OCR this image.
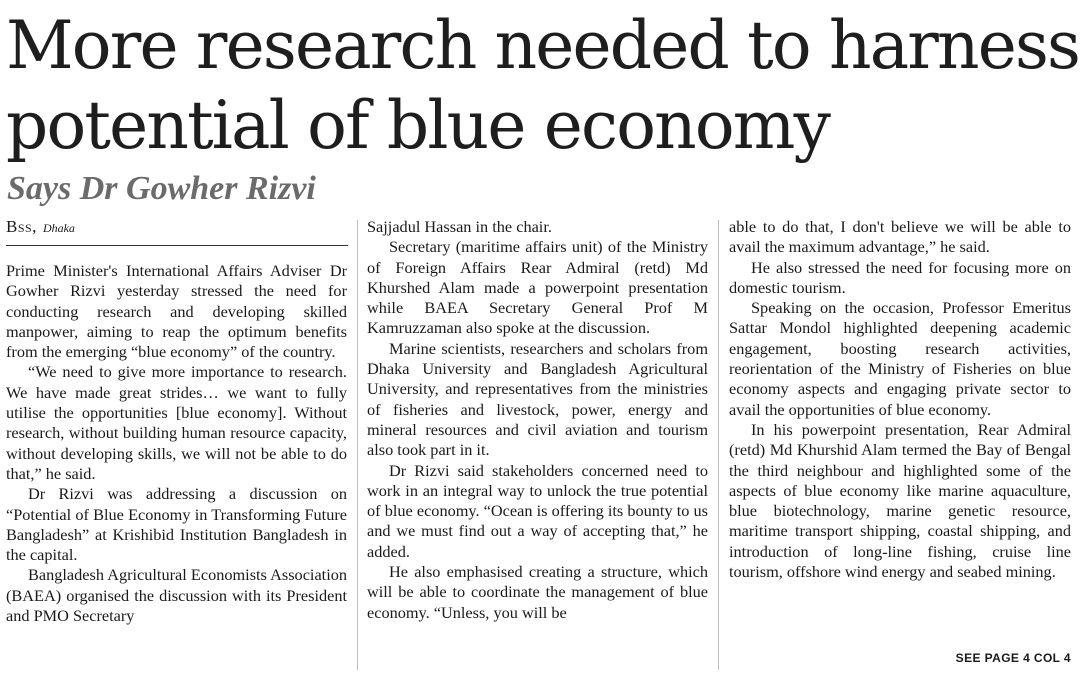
More research needed to harness
potential of blue economy
Says Dr Gowher Rizvi
Bss, Dhaka

Prime Minister's International Affairs Adviser Dr Gowher Rizvi yesterday stressed the need for conducting research and developing skilled manpower, aiming to reap the optimum benefits from the emerging “blue economy” of the country.

“We need to give more importance to research. We have made great strides… we want to fully utilise the opportunities [blue economy]. Without research, without building human resource capacity, without developing skills, we will not be able to do that,” he said.

Dr Rizvi was addressing a discussion on “Potential of Blue Economy in Transforming Future Bangladesh” at Krishibid Institution Bangladesh in the capital.

Bangladesh Agricultural Economists Association (BAEA) organised the discussion with its President and PMO Secretary

Sajjadul Hassan in the chair.

Secretary (maritime affairs unit) of the Ministry of Foreign Affairs Rear Admiral (retd) Md Khurshed Alam made a powerpoint presentation while BAEA Secretary General Prof M Kamruzzaman also spoke at the discussion.

Marine scientists, researchers and scholars from Dhaka University and Bangladesh Agricultural University, and representatives from the ministries of fisheries and livestock, power, energy and mineral resources and civil aviation and tourism also took part in it.

Dr Rizvi said stakeholders concerned need to work in an integral way to unlock the true potential of blue economy. “Ocean is offering its bounty to us and we must find out a way of accepting that,” he added.

He also emphasised creating a structure, which will be able to coordinate the management of blue economy. “Unless, you will be

able to do that, I don't believe we will be able to avail the maximum advantage,” he said.

He also stressed the need for focusing more on domestic tourism.

Speaking on the occasion, Professor Emeritus Sattar Mondol highlighted deepening academic engagement, boosting research activities, reorientation of the Ministry of Fisheries on blue economy aspects and engaging private sector to avail the opportunities of blue economy.

In his powerpoint presentation, Rear Admiral (retd) Md Khurshid Alam termed the Bay of Bengal the third neighbour and highlighted some of the aspects of blue economy like marine aquaculture, blue biotechnology, marine genetic resource, maritime transport shipping, coastal shipping, and introduction of long-line fishing, cruise line tourism, offshore wind energy and seabed mining.

SEE PAGE 4 COL 4
